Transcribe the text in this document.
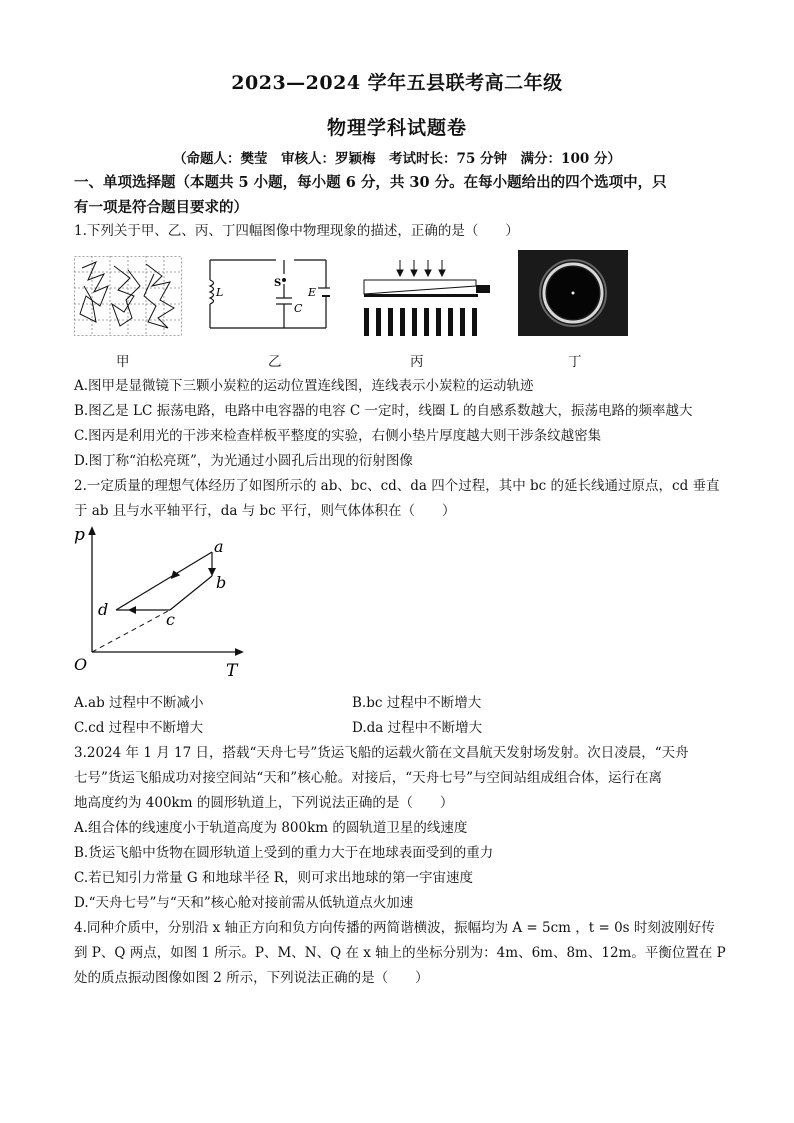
2023—2024 学年五县联考高二年级
物理学科试题卷
（命题人：樊莹　审核人：罗颖梅　考试时长：75 分钟　满分：100 分）
一、单项选择题（本题共 5 小题，每小题 6 分，共 30 分。在每小题给出的四个选项中，只
有一项是符合题目要求的）
1.下列关于甲、乙、丙、丁四幅图像中物理现象的描述，正确的是（　　）
L
S
C
E
甲	乙	丙	丁
A.图甲是显微镜下三颗小炭粒的运动位置连线图，连线表示小炭粒的运动轨迹
B.图乙是 LC 振荡电路，电路中电容器的电容 C 一定时，线圈 L 的自感系数越大，振荡电路的频率越大
C.图丙是利用光的干涉来检查样板平整度的实验，右侧小垫片厚度越大则干涉条纹越密集
D.图丁称“泊松亮斑”，为光通过小圆孔后出现的衍射图像
2.一定质量的理想气体经历了如图所示的 ab、bc、cd、da 四个过程，其中 bc 的延长线通过原点，cd 垂直
于 ab 且与水平轴平行，da 与 bc 平行，则气体体积在（　　）
p
T
O
a
b
c
d
A.ab 过程中不断减小	B.bc 过程中不断增大
C.cd 过程中不断增大	D.da 过程中不断增大
3.2024 年 1 月 17 日，搭载“天舟七号”货运飞船的运载火箭在文昌航天发射场发射。次日凌晨，“天舟
七号”货运飞船成功对接空间站“天和”核心舱。对接后，“天舟七号”与空间站组成组合体，运行在离
地高度约为 400km 的圆形轨道上，下列说法正确的是（　　）
A.组合体的线速度小于轨道高度为 800km 的圆轨道卫星的线速度
B.货运飞船中货物在圆形轨道上受到的重力大于在地球表面受到的重力
C.若已知引力常量 G 和地球半径 R，则可求出地球的第一宇宙速度
D.“天舟七号”与“天和”核心舱对接前需从低轨道点火加速
4.同种介质中，分别沿 x 轴正方向和负方向传播的两简谐横波，振幅均为 A = 5cm ，t = 0s 时刻波刚好传
到 P、Q 两点，如图 1 所示。P、M、N、Q 在 x 轴上的坐标分别为：4m、6m、8m、12m。平衡位置在 P
处的质点振动图像如图 2 所示，下列说法正确的是（　　）
